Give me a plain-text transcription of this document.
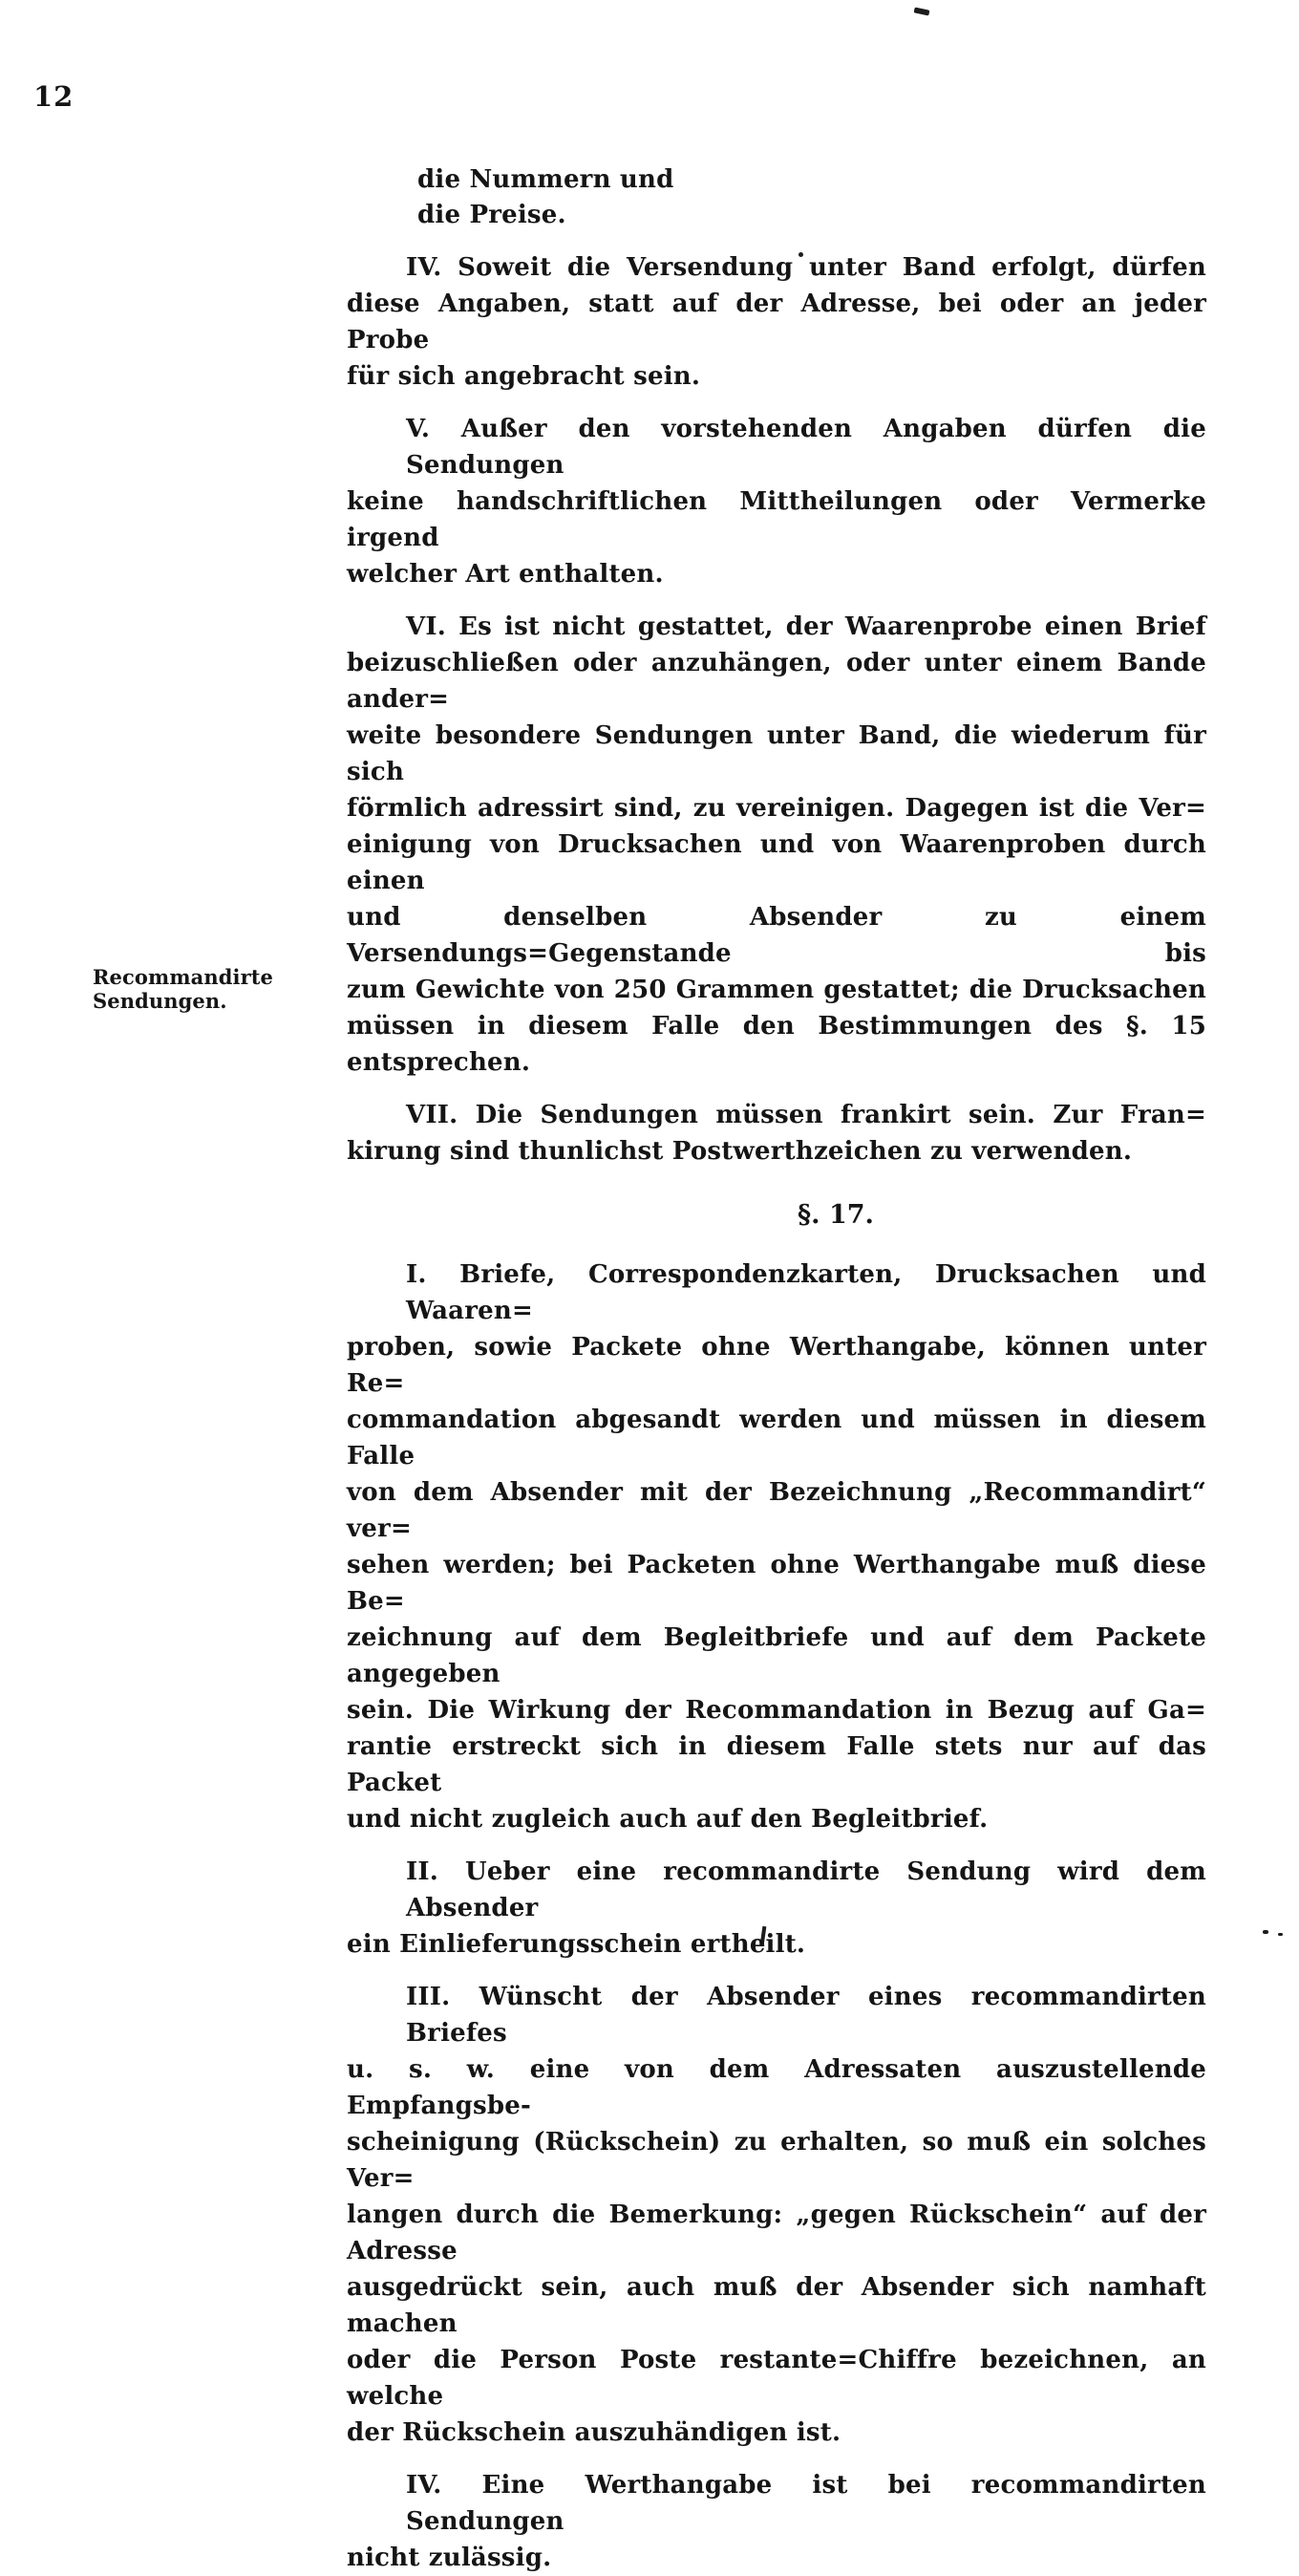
12
Recommandirte Sendungen.
die Nummern und
die Preise.
IV. Soweit die Versendung unter Band erfolgt, dürfen
diese Angaben, statt auf der Adresse, bei oder an jeder Probe
für sich angebracht sein.
V. Außer den vorstehenden Angaben dürfen die Sendungen
keine handschriftlichen Mittheilungen oder Vermerke irgend
welcher Art enthalten.
VI. Es ist nicht gestattet, der Waarenprobe einen Brief
beizuschließen oder anzuhängen, oder unter einem Bande ander=
weite besondere Sendungen unter Band, die wiederum für sich
förmlich adressirt sind, zu vereinigen. Dagegen ist die Ver=
einigung von Drucksachen und von Waarenproben durch einen
und denselben Absender zu einem Versendungs=Gegenstande bis
zum Gewichte von 250 Grammen gestattet; die Drucksachen
müssen in diesem Falle den Bestimmungen des §. 15 entsprechen.
VII. Die Sendungen müssen frankirt sein. Zur Fran=
kirung sind thunlichst Postwerthzeichen zu verwenden.
§. 17.
I. Briefe, Correspondenzkarten, Drucksachen und Waaren=
proben, sowie Packete ohne Werthangabe, können unter Re=
commandation abgesandt werden und müssen in diesem Falle
von dem Absender mit der Bezeichnung „Recommandirt“ ver=
sehen werden; bei Packeten ohne Werthangabe muß diese Be=
zeichnung auf dem Begleitbriefe und auf dem Packete angegeben
sein. Die Wirkung der Recommandation in Bezug auf Ga=
rantie erstreckt sich in diesem Falle stets nur auf das Packet
und nicht zugleich auch auf den Begleitbrief.
II. Ueber eine recommandirte Sendung wird dem Absender
ein Einlieferungsschein ertheilt.
III. Wünscht der Absender eines recommandirten Briefes
u. s. w. eine von dem Adressaten auszustellende Empfangsbe-
scheinigung (Rückschein) zu erhalten, so muß ein solches Ver=
langen durch die Bemerkung: „gegen Rückschein“ auf der Adresse
ausgedrückt sein, auch muß der Absender sich namhaft machen
oder die Person Poste restante=Chiffre bezeichnen, an welche
der Rückschein auszuhändigen ist.
IV. Eine Werthangabe ist bei recommandirten Sendungen
nicht zulässig.
